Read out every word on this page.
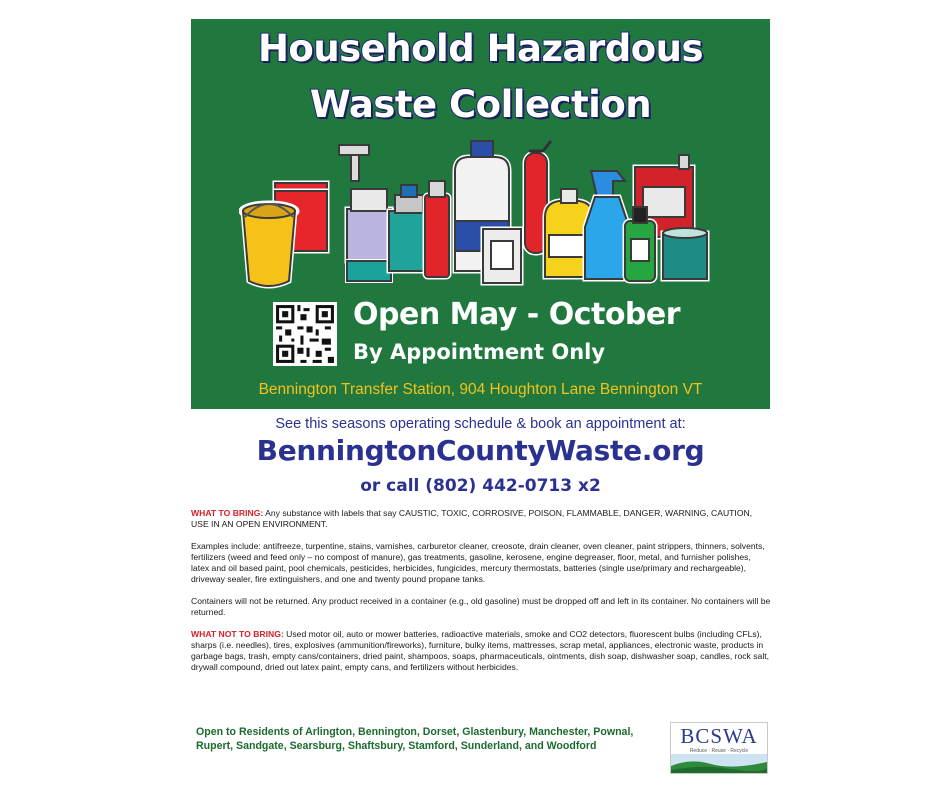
Household Hazardous
Waste Collection
Open May - October
By Appointment Only
Bennington Transfer Station, 904 Houghton Lane Bennington VT
See this seasons operating schedule & book an appointment at:
BenningtonCountyWaste.org
or call (802) 442-0713 x2

WHAT TO BRING: Any substance with labels that say CAUSTIC, TOXIC, CORROSIVE, POISON, FLAMMABLE, DANGER, WARNING, CAUTION, USE IN AN OPEN ENVIRONMENT.

Examples include: antifreeze, turpentine, stains, varnishes, carburetor cleaner, creosote, drain cleaner, oven cleaner, paint strippers, thinners, solvents, fertilizers (weed and feed only – no compost of manure), gas treatments, gasoline, kerosene, engine degreaser, floor, metal, and furnisher polishes, latex and oil based paint, pool chemicals, pesticides, herbicides, fungicides, mercury thermostats, batteries (single use/primary and rechargeable), driveway sealer, fire extinguishers, and one and twenty pound propane tanks.

Containers will not be returned. Any product received in a container (e.g., old gasoline) must be dropped off and left in its container. No containers will be returned.

WHAT NOT TO BRING: Used motor oil, auto or mower batteries, radioactive materials, smoke and CO2 detectors, fluorescent bulbs (including CFLs), sharps (i.e. needles), tires, explosives (ammunition/fireworks), furniture, bulky items, mattresses, scrap metal, appliances, electronic waste, products in garbage bags, trash, empty cans/containers, dried paint, shampoos, soaps, pharmaceuticals, ointments, dish soap, dishwasher soap, candles, rock salt, drywall compound, dried out latex paint, empty cans, and fertilizers without herbicides.

Open to Residents of Arlington, Bennington, Dorset, Glastenbury, Manchester, Pownal, Rupert, Sandgate, Searsburg, Shaftsbury, Stamford, Sunderland, and Woodford	BCSWA
Reduce · Reuse · Recycle
